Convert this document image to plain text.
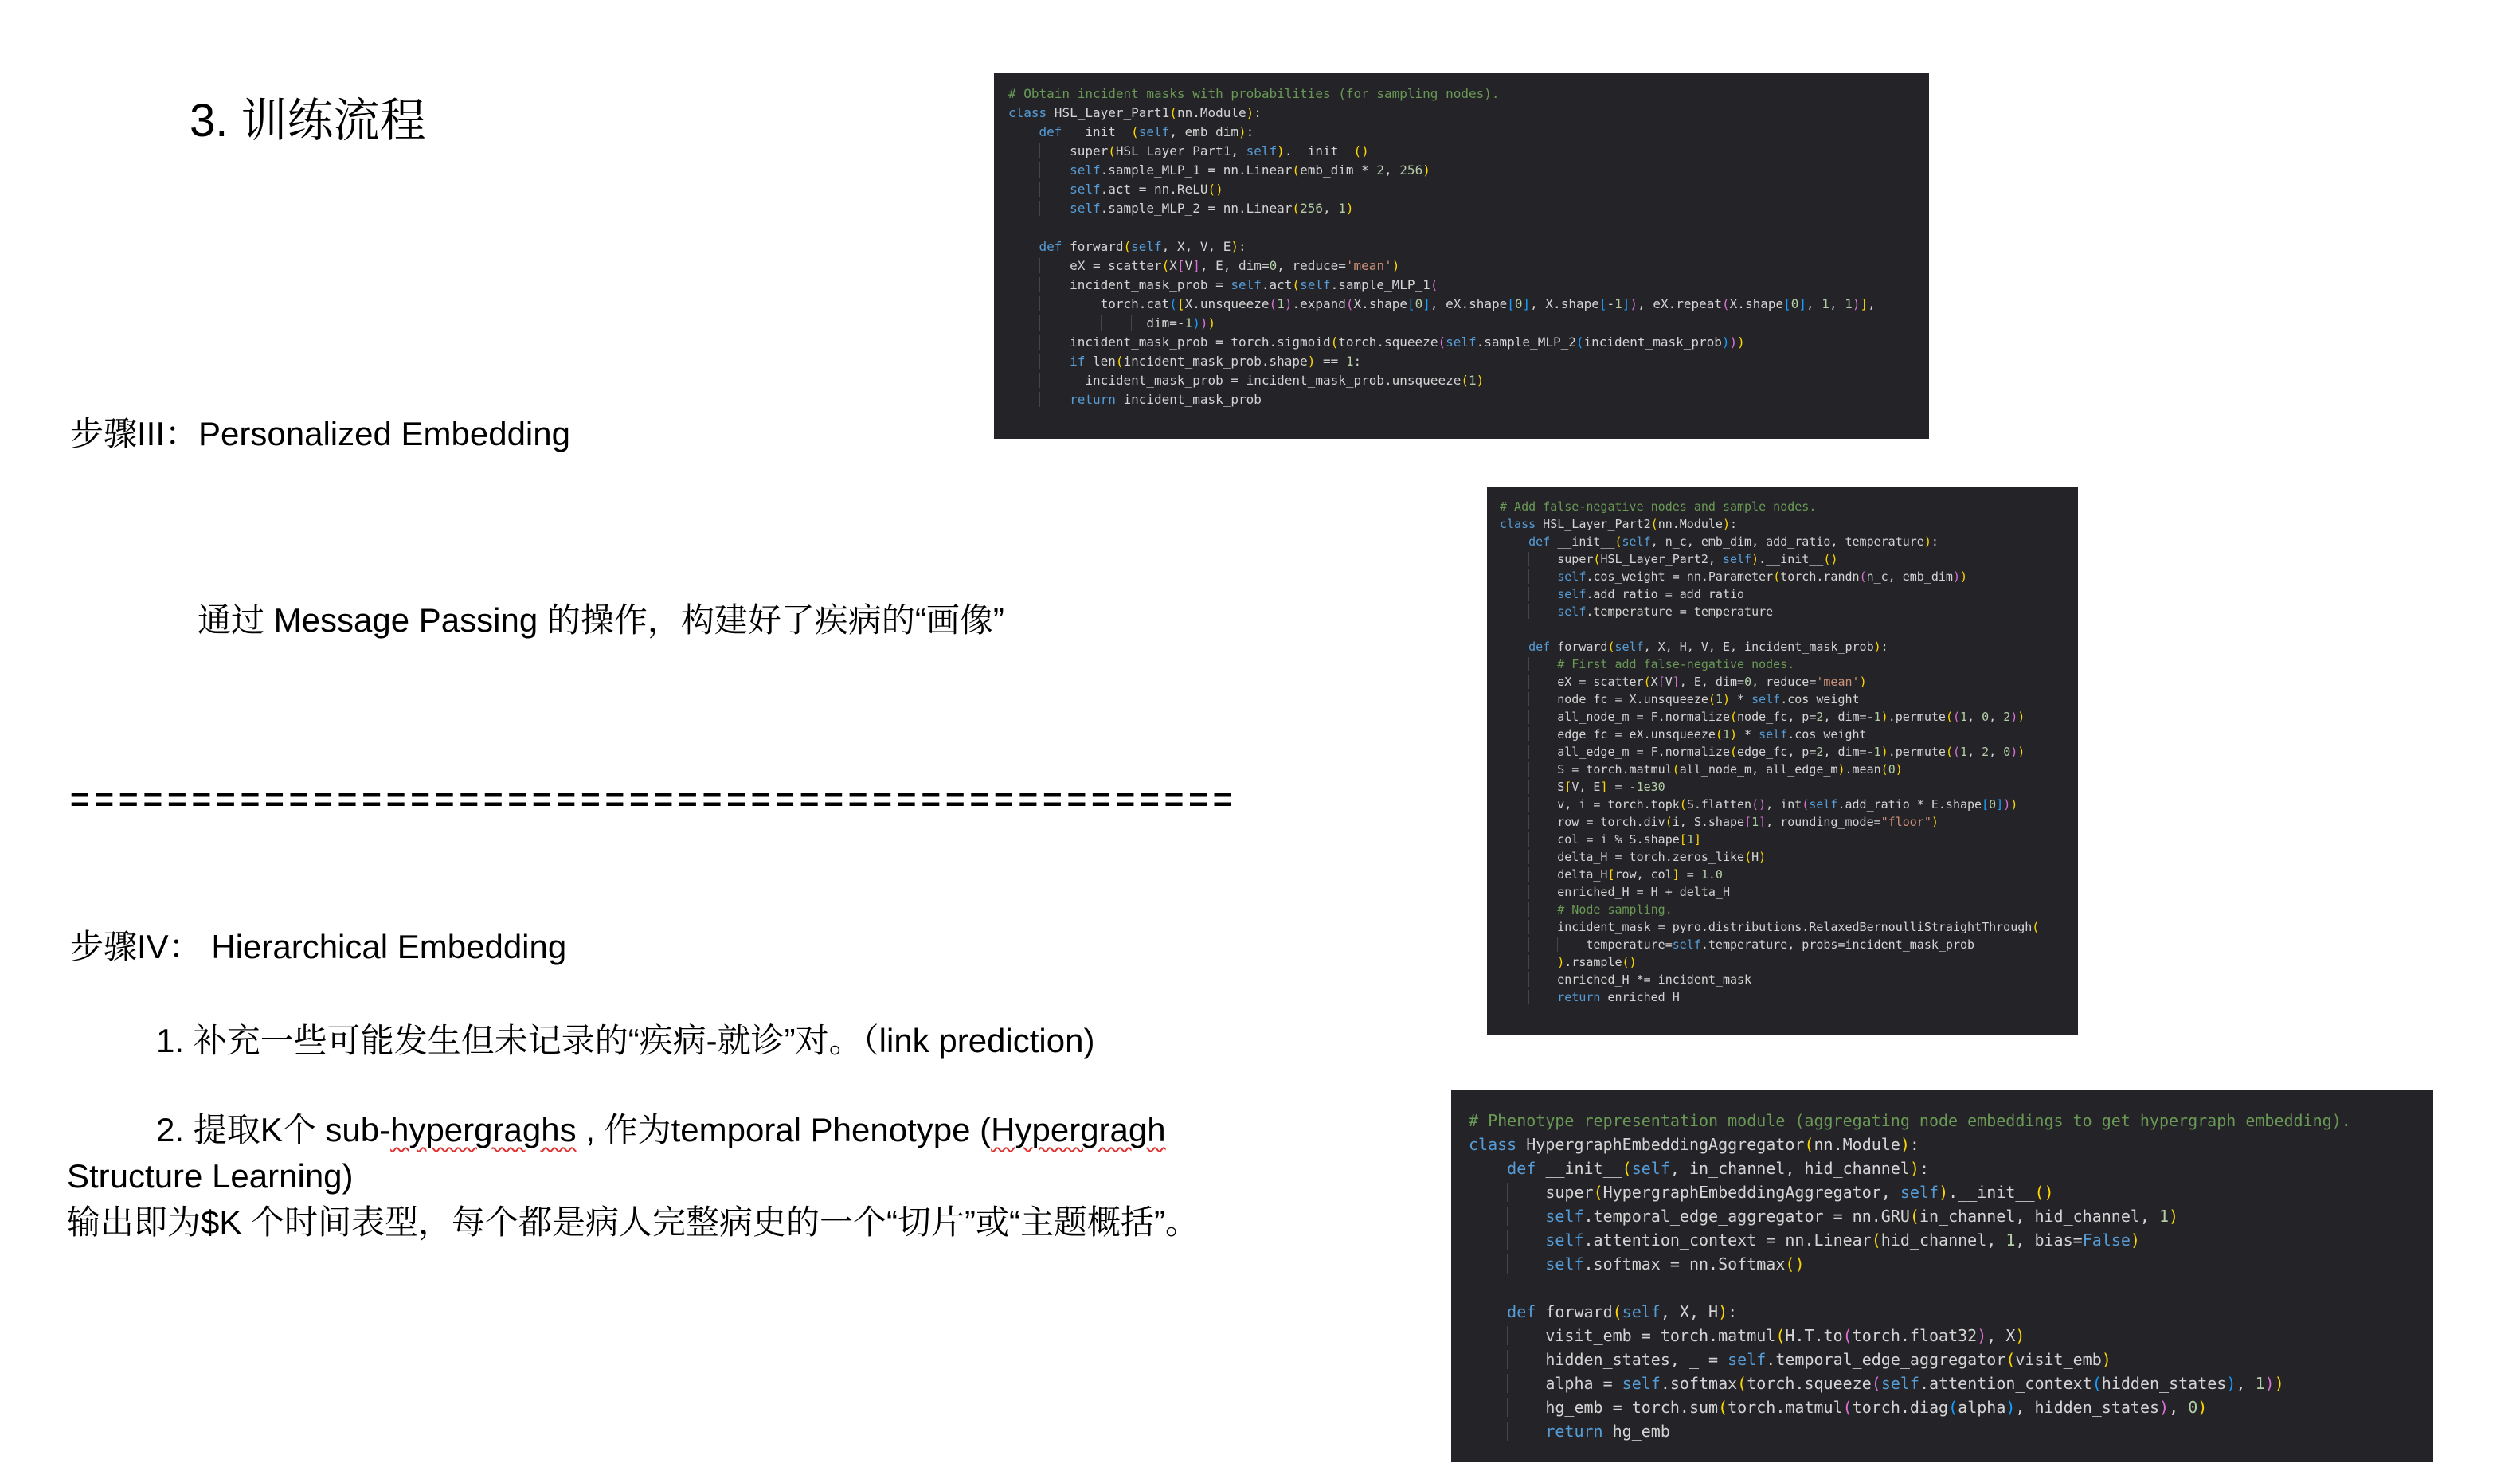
3. 训练流程
步骤III：Personalized Embedding
通过 Message Passing 的操作，构建好了疾病的“画像”
================================================
步骤IV： Hierarchical Embedding
1. 补充一些可能发生但未记录的“疾病-就诊”对。（link prediction)
2. 提取K个 sub-hypergraghs , 作为temporal Phenotype (Hypergragh
Structure Learning)
输出即为$K 个时间表型，每个都是病人完整病史的一个“切片”或“主题概括”。
# Obtain incident masks with probabilities (for sampling nodes).
class HSL_Layer_Part1(nn.Module):
def __init__(self, emb_dim):
super(HSL_Layer_Part1, self).__init__()
self.sample_MLP_1 = nn.Linear(emb_dim * 2, 256)
self.act = nn.ReLU()
self.sample_MLP_2 = nn.Linear(256, 1)

def forward(self, X, V, E):
eX = scatter(X[V], E, dim=0, reduce='mean')
incident_mask_prob = self.act(self.sample_MLP_1(
torch.cat([X.unsqueeze(1).expand(X.shape[0], eX.shape[0], X.shape[-1]), eX.repeat(X.shape[0], 1, 1)],
dim=-1)))
incident_mask_prob = torch.sigmoid(torch.squeeze(self.sample_MLP_2(incident_mask_prob)))
if len(incident_mask_prob.shape) == 1:
incident_mask_prob = incident_mask_prob.unsqueeze(1)
return incident_mask_prob
# Add false-negative nodes and sample nodes.
class HSL_Layer_Part2(nn.Module):
def __init__(self, n_c, emb_dim, add_ratio, temperature):
super(HSL_Layer_Part2, self).__init__()
self.cos_weight = nn.Parameter(torch.randn(n_c, emb_dim))
self.add_ratio = add_ratio
self.temperature = temperature

def forward(self, X, H, V, E, incident_mask_prob):
# First add false-negative nodes.
eX = scatter(X[V], E, dim=0, reduce='mean')
node_fc = X.unsqueeze(1) * self.cos_weight
all_node_m = F.normalize(node_fc, p=2, dim=-1).permute((1, 0, 2))
edge_fc = eX.unsqueeze(1) * self.cos_weight
all_edge_m = F.normalize(edge_fc, p=2, dim=-1).permute((1, 2, 0))
S = torch.matmul(all_node_m, all_edge_m).mean(0)
S[V, E] = -1e30
v, i = torch.topk(S.flatten(), int(self.add_ratio * E.shape[0]))
row = torch.div(i, S.shape[1], rounding_mode="floor")
col = i % S.shape[1]
delta_H = torch.zeros_like(H)
delta_H[row, col] = 1.0
enriched_H = H + delta_H
# Node sampling.
incident_mask = pyro.distributions.RelaxedBernoulliStraightThrough(
temperature=self.temperature, probs=incident_mask_prob
).rsample()
enriched_H *= incident_mask
return enriched_H
# Phenotype representation module (aggregating node embeddings to get hypergraph embedding).
class HypergraphEmbeddingAggregator(nn.Module):
def __init__(self, in_channel, hid_channel):
super(HypergraphEmbeddingAggregator, self).__init__()
self.temporal_edge_aggregator = nn.GRU(in_channel, hid_channel, 1)
self.attention_context = nn.Linear(hid_channel, 1, bias=False)
self.softmax = nn.Softmax()

def forward(self, X, H):
visit_emb = torch.matmul(H.T.to(torch.float32), X)
hidden_states, _ = self.temporal_edge_aggregator(visit_emb)
alpha = self.softmax(torch.squeeze(self.attention_context(hidden_states), 1))
hg_emb = torch.sum(torch.matmul(torch.diag(alpha), hidden_states), 0)
return hg_emb
